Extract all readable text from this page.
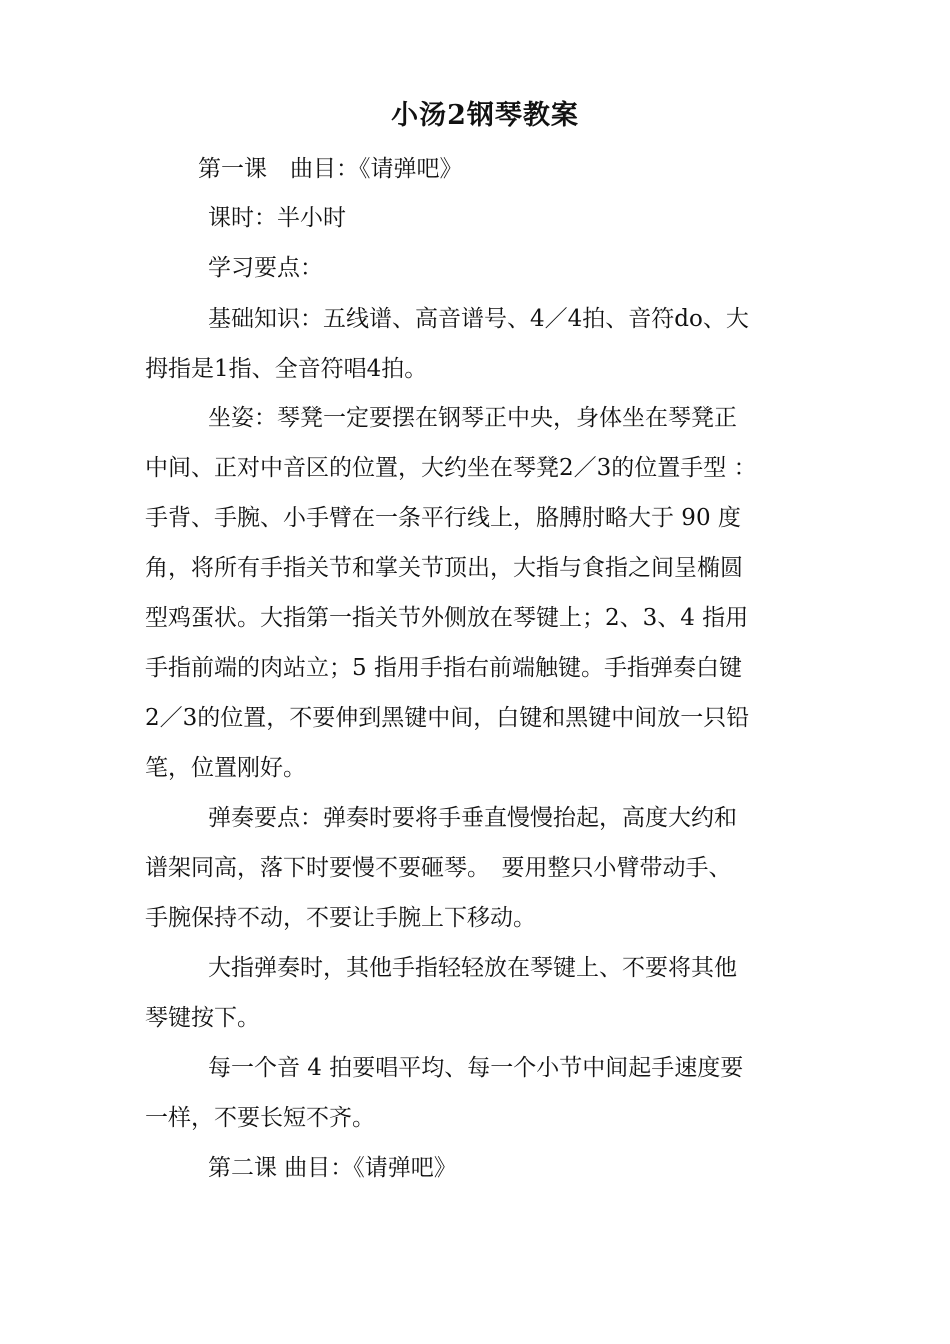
小汤2钢琴教案
第一课　曲目：《请弹吧》
课时：半小时
学习要点：
基础知识：五线谱、高音谱号、4／4拍、音符do、大
拇指是1指、全音符唱4拍。
坐姿：琴凳一定要摆在钢琴正中央，身体坐在琴凳正
中间、正对中音区的位置，大约坐在琴凳2／3的位置手型 ：
手背、手腕、小手臂在一条平行线上，胳膊肘略大于 90 度
角，将所有手指关节和掌关节顶出，大指与食指之间呈椭圆
型鸡蛋状。大指第一指关节外侧放在琴键上；2、3、4 指用
手指前端的肉站立；5 指用手指右前端触键。手指弹奏白键
2／3的位置，不要伸到黑键中间，白键和黑键中间放一只铅
笔，位置刚好。
弹奏要点：弹奏时要将手垂直慢慢抬起，高度大约和
谱架同高，落下时要慢不要砸琴。　要用整只小臂带动手、
手腕保持不动，不要让手腕上下移动。
大指弹奏时，其他手指轻轻放在琴键上、不要将其他
琴键按下。
每一个音 4 拍要唱平均、每一个小节中间起手速度要
一样，不要长短不齐。
第二课 曲目：《请弹吧》
